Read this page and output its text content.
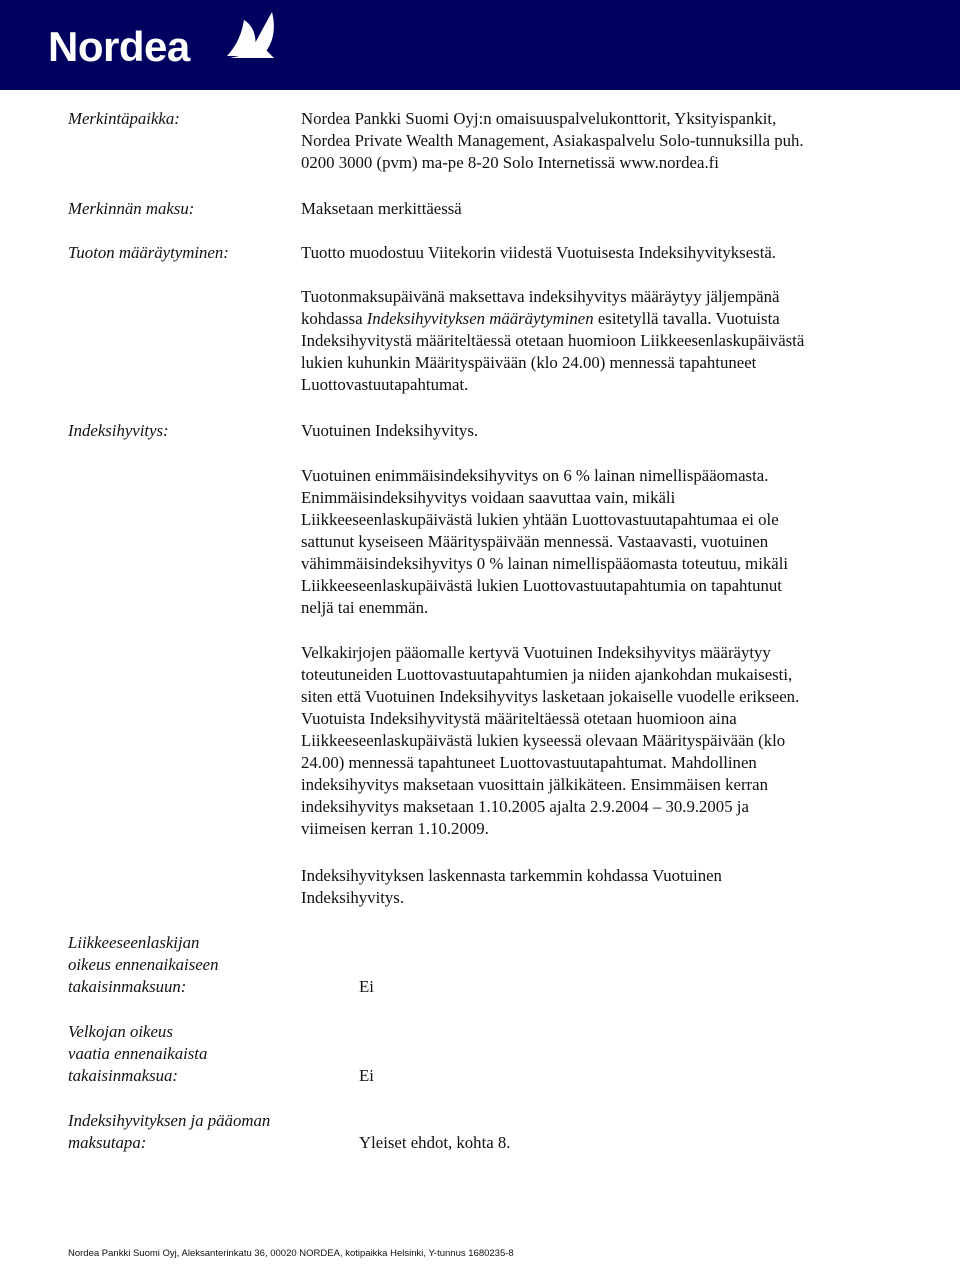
Nordea
Merkintäpaikka:	Nordea Pankki Suomi Oyj:n omaisuuspalvelukonttorit, Yksityispankit,
Nordea Private Wealth Management, Asiakaspalvelu Solo-tunnuksilla puh.
0200 3000 (pvm) ma-pe 8-20 Solo Internetissä www.nordea.fi
Merkinnän maksu:	Maksetaan merkittäessä
Tuoton määräytyminen:	Tuotto muodostuu Viitekorin viidestä Vuotuisesta Indeksihyvityksestä.
Tuotonmaksupäivänä maksettava indeksihyvitys määräytyy jäljempänä
kohdassa Indeksihyvityksen määräytyminen esitetyllä tavalla. Vuotuista
Indeksihyvitystä määriteltäessä otetaan huomioon Liikkeesenlaskupäivästä
lukien kuhunkin Määrityspäivään (klo 24.00) mennessä tapahtuneet
Luottovastuutapahtumat.
Indeksihyvitys:	Vuotuinen Indeksihyvitys.
Vuotuinen enimmäisindeksihyvitys on 6 % lainan nimellispääomasta.
Enimmäisindeksihyvitys voidaan saavuttaa vain, mikäli
Liikkeeseenlaskupäivästä lukien yhtään Luottovastuutapahtumaa ei ole
sattunut kyseiseen Määrityspäivään mennessä. Vastaavasti, vuotuinen
vähimmäisindeksihyvitys 0 % lainan nimellispääomasta toteutuu, mikäli
Liikkeeseenlaskupäivästä lukien Luottovastuutapahtumia on tapahtunut
neljä tai enemmän.
Velkakirjojen pääomalle kertyvä Vuotuinen Indeksihyvitys määräytyy
toteutuneiden Luottovastuutapahtumien ja niiden ajankohdan mukaisesti,
siten että Vuotuinen Indeksihyvitys lasketaan jokaiselle vuodelle erikseen.
Vuotuista Indeksihyvitystä määriteltäessä otetaan huomioon aina
Liikkeeseenlaskupäivästä lukien kyseessä olevaan Määrityspäivään (klo
24.00) mennessä tapahtuneet Luottovastuutapahtumat. Mahdollinen
indeksihyvitys maksetaan vuosittain jälkikäteen. Ensimmäisen kerran
indeksihyvitys maksetaan 1.10.2005 ajalta 2.9.2004 – 30.9.2005 ja
viimeisen kerran 1.10.2009.
Indeksihyvityksen laskennasta tarkemmin kohdassa Vuotuinen
Indeksihyvitys.
Liikkeeseenlaskijan
oikeus ennenaikaiseen
takaisinmaksuun:	Ei
Velkojan oikeus
vaatia ennenaikaista
takaisinmaksua:	Ei
Indeksihyvityksen ja pääoman
maksutapa:	Yleiset ehdot, kohta 8.
Nordea Pankki Suomi Oyj, Aleksanterinkatu 36, 00020 NORDEA, kotipaikka Helsinki, Y-tunnus 1680235-8
